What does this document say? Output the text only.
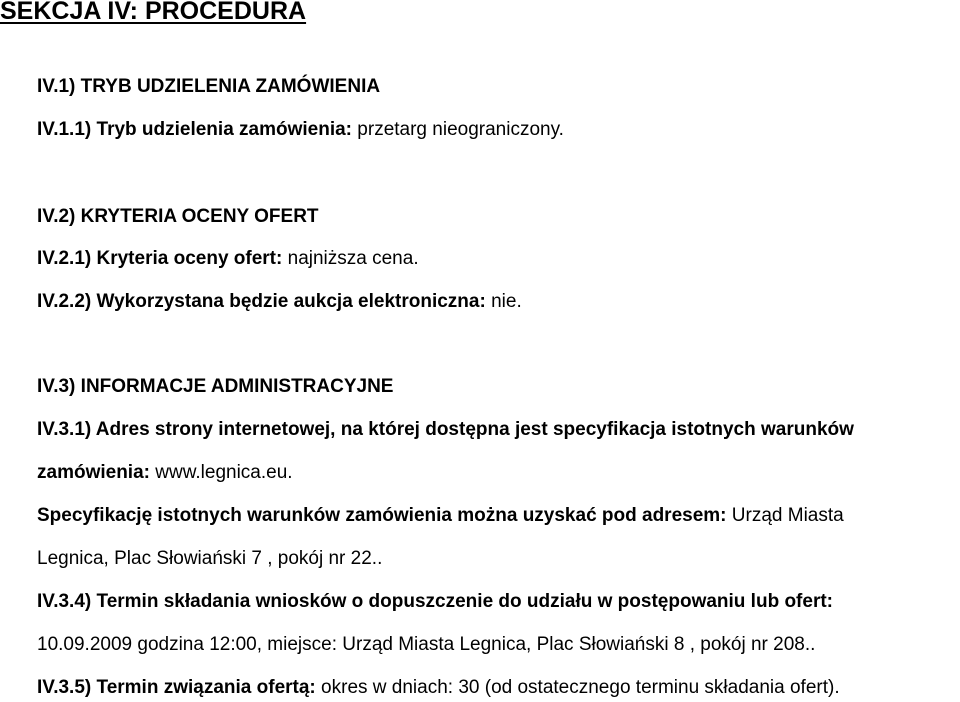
SEKCJA IV: PROCEDURA
IV.1) TRYB UDZIELENIA ZAMÓWIENIA
IV.1.1) Tryb udzielenia zamówienia: przetarg nieograniczony.
IV.2) KRYTERIA OCENY OFERT
IV.2.1) Kryteria oceny ofert: najniższa cena.
IV.2.2) Wykorzystana będzie aukcja elektroniczna: nie.
IV.3) INFORMACJE ADMINISTRACYJNE
IV.3.1) Adres strony internetowej, na której dostępna jest specyfikacja istotnych warunków
zamówienia: www.legnica.eu.
Specyfikację istotnych warunków zamówienia można uzyskać pod adresem: Urząd Miasta
Legnica, Plac Słowiański 7 , pokój nr 22..
IV.3.4) Termin składania wniosków o dopuszczenie do udziału w postępowaniu lub ofert:
10.09.2009 godzina 12:00, miejsce: Urząd Miasta Legnica, Plac Słowiański 8 , pokój nr 208..
IV.3.5) Termin związania ofertą: okres w dniach: 30 (od ostatecznego terminu składania ofert).
